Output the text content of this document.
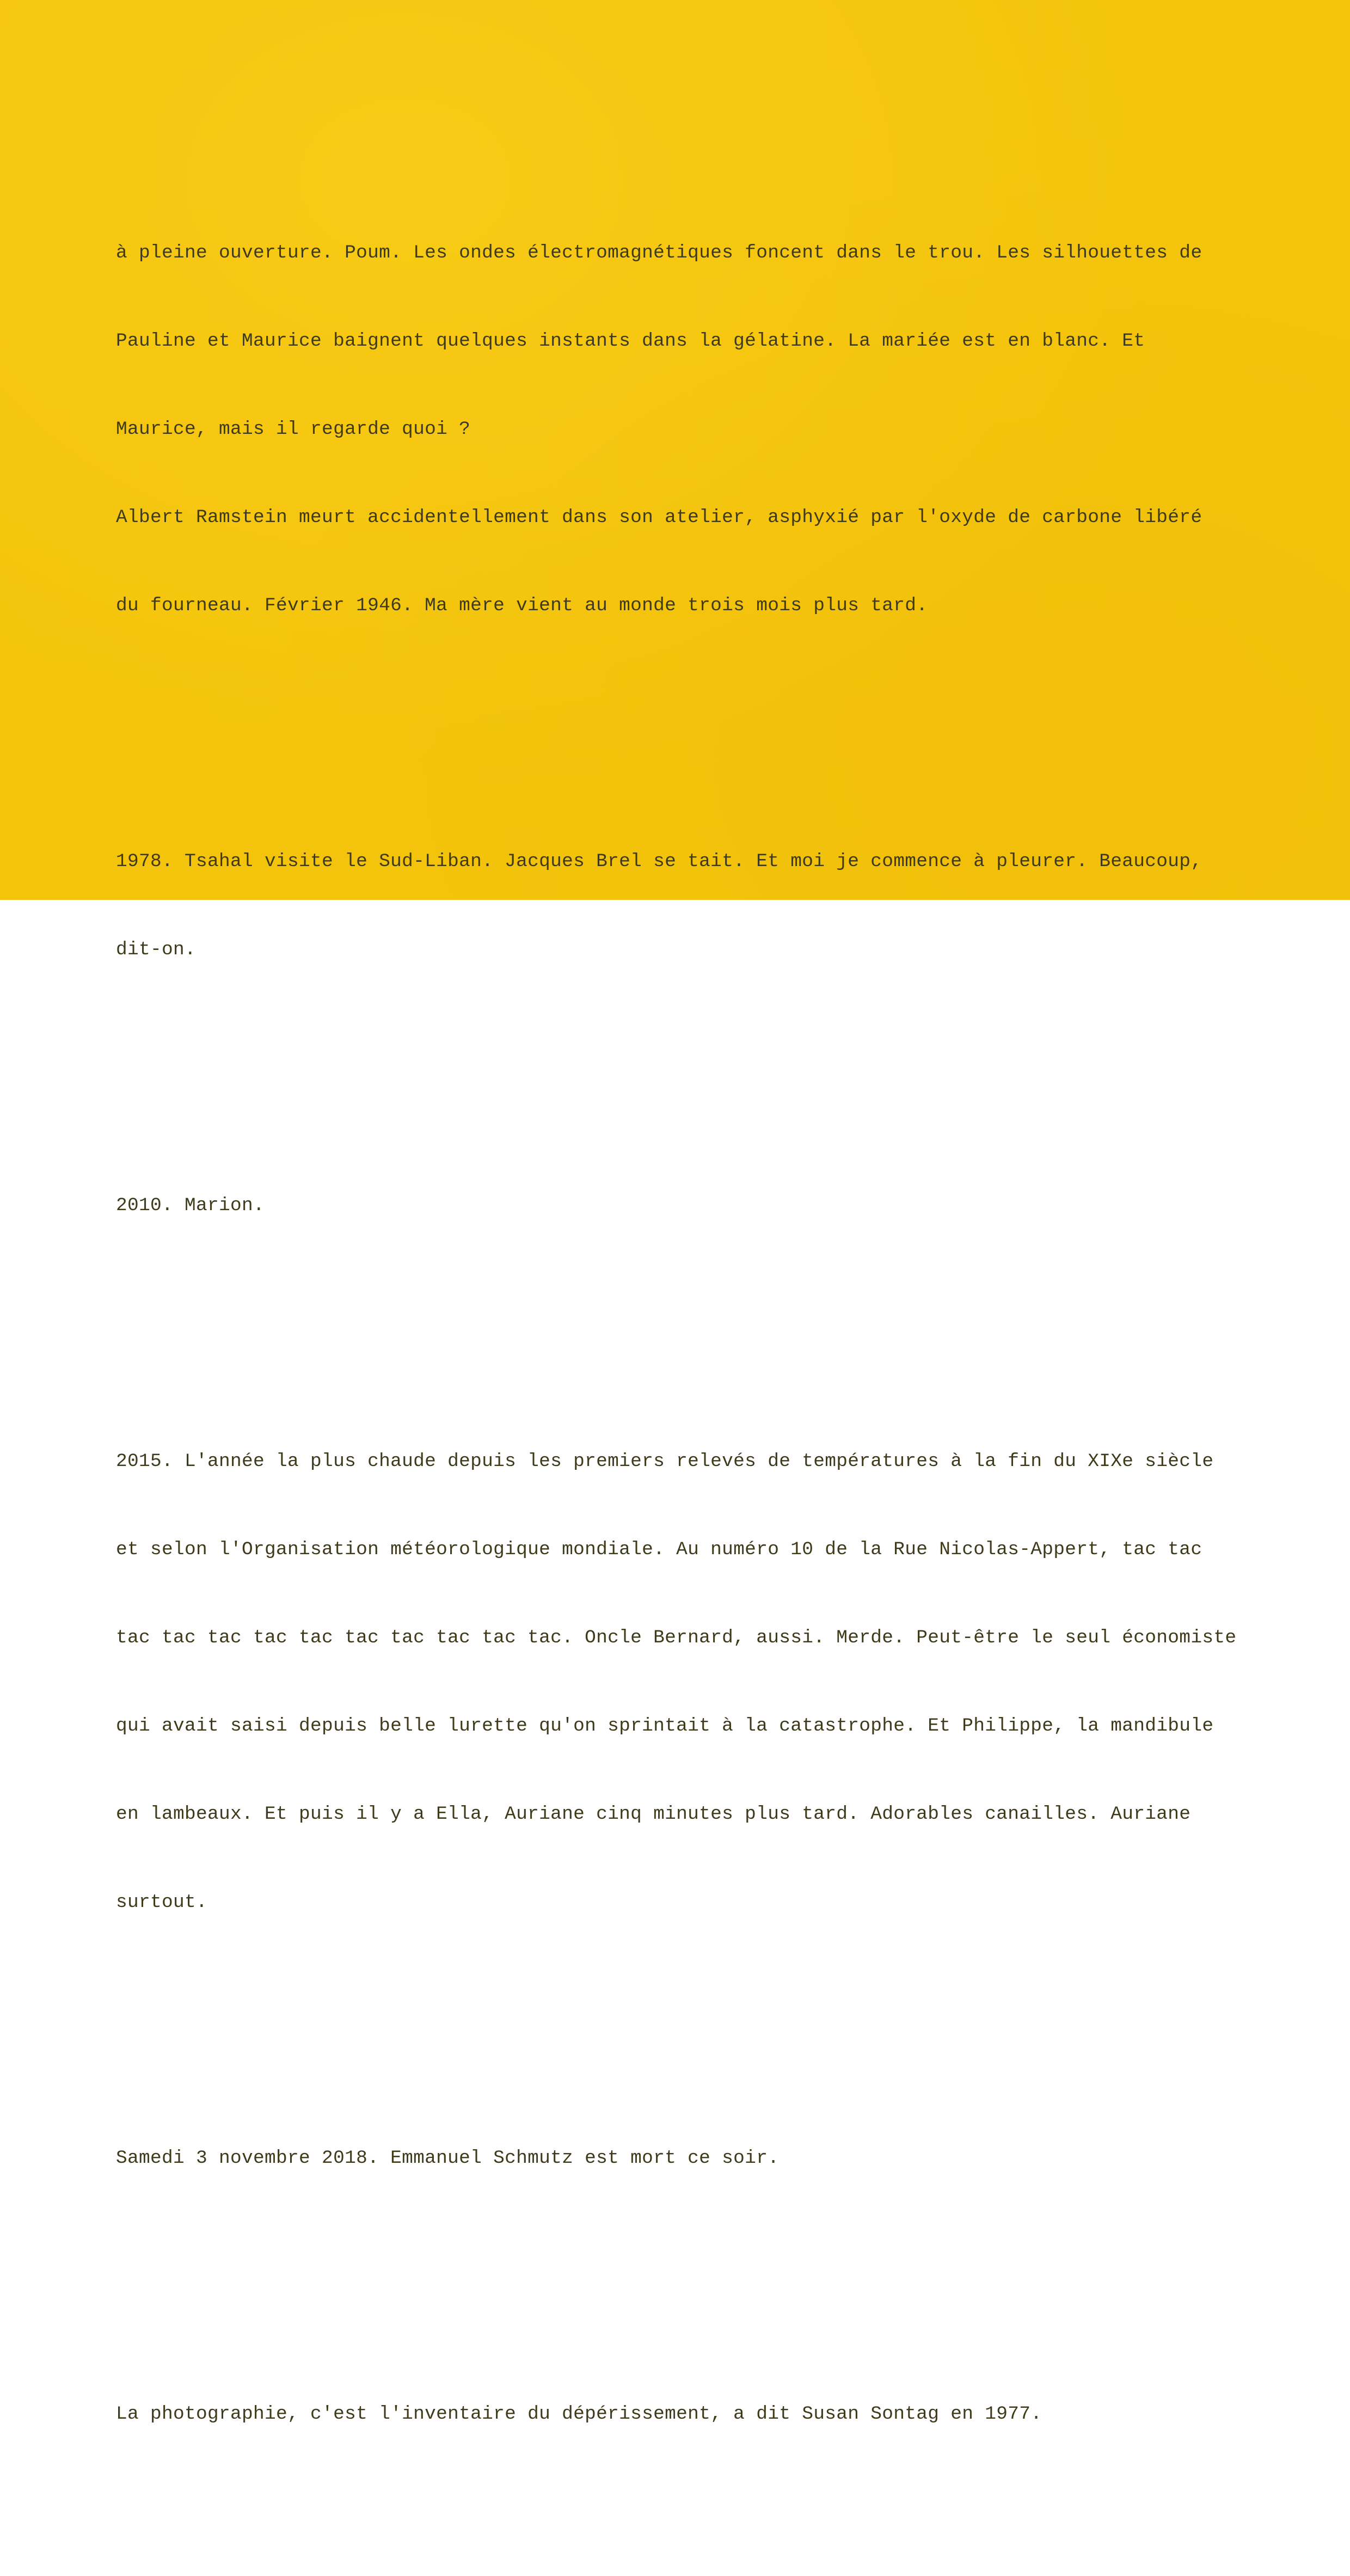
à pleine ouverture. Poum. Les ondes électromagnétiques foncent dans le trou. Les silhouettes de

Pauline et Maurice baignent quelques instants dans la gélatine. La mariée est en blanc. Et

Maurice, mais il regarde quoi ?

Albert Ramstein meurt accidentellement dans son atelier, asphyxié par l'oxyde de carbone libéré

du fourneau. Février 1946. Ma mère vient au monde trois mois plus tard.

1978. Tsahal visite le Sud-Liban. Jacques Brel se tait. Et moi je commence à pleurer. Beaucoup,

dit-on.

2010. Marion.

2015. L'année la plus chaude depuis les premiers relevés de températures à la fin du XIXe siècle

et selon l'Organisation météorologique mondiale. Au numéro 10 de la Rue Nicolas-Appert, tac tac

tac tac tac tac tac tac tac tac tac tac. Oncle Bernard, aussi. Merde. Peut-être le seul économiste

qui avait saisi depuis belle lurette qu'on sprintait à la catastrophe. Et Philippe, la mandibule

en lambeaux. Et puis il y a Ella, Auriane cinq minutes plus tard. Adorables canailles. Auriane

surtout.

Samedi 3 novembre 2018. Emmanuel Schmutz est mort ce soir.

La photographie, c'est l'inventaire du dépérissement, a dit Susan Sontag en 1977.
